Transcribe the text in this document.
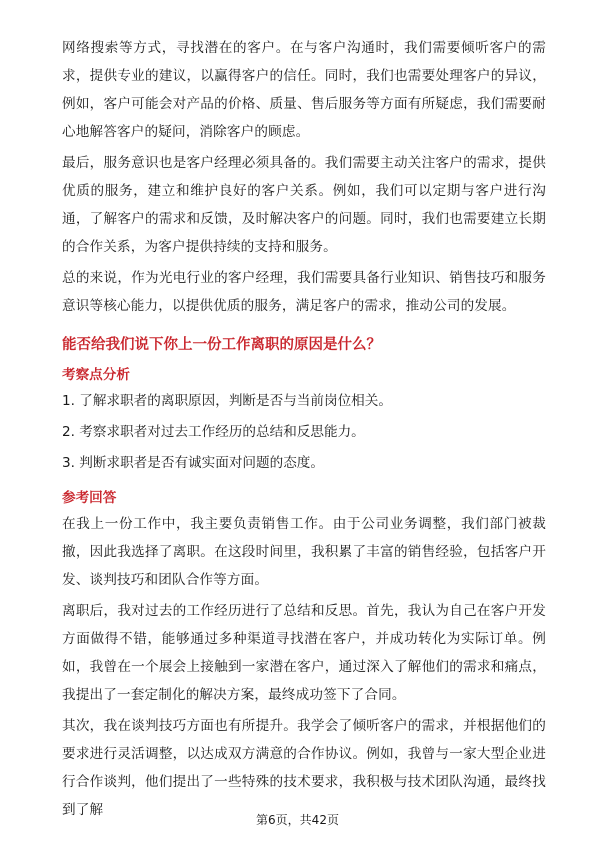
网络搜索等方式，寻找潜在的客户。在与客户沟通时，我们需要倾听客户的需求，提供专业的建议，以赢得客户的信任。同时，我们也需要处理客户的异议，例如，客户可能会对产品的价格、质量、售后服务等方面有所疑虑，我们需要耐心地解答客户的疑问，消除客户的顾虑。

最后，服务意识也是客户经理必须具备的。我们需要主动关注客户的需求，提供优质的服务，建立和维护良好的客户关系。例如，我们可以定期与客户进行沟通，了解客户的需求和反馈，及时解决客户的问题。同时，我们也需要建立长期的合作关系，为客户提供持续的支持和服务。

总的来说，作为光电行业的客户经理，我们需要具备行业知识、销售技巧和服务意识等核心能力，以提供优质的服务，满足客户的需求，推动公司的发展。

能否给我们说下你上一份工作离职的原因是什么？
考察点分析
1. 了解求职者的离职原因，判断是否与当前岗位相关。
2. 考察求职者对过去工作经历的总结和反思能力。
3. 判断求职者是否有诚实面对问题的态度。
参考回答

在我上一份工作中，我主要负责销售工作。由于公司业务调整，我们部门被裁撤，因此我选择了离职。在这段时间里，我积累了丰富的销售经验，包括客户开发、谈判技巧和团队合作等方面。

离职后，我对过去的工作经历进行了总结和反思。首先，我认为自己在客户开发方面做得不错，能够通过多种渠道寻找潜在客户，并成功转化为实际订单。例如，我曾在一个展会上接触到一家潜在客户，通过深入了解他们的需求和痛点，我提出了一套定制化的解决方案，最终成功签下了合同。

其次，我在谈判技巧方面也有所提升。我学会了倾听客户的需求，并根据他们的要求进行灵活调整，以达成双方满意的合作协议。例如，我曾与一家大型企业进行合作谈判，他们提出了一些特殊的技术要求，我积极与技术团队沟通，最终找到了解

第6页，共42页
